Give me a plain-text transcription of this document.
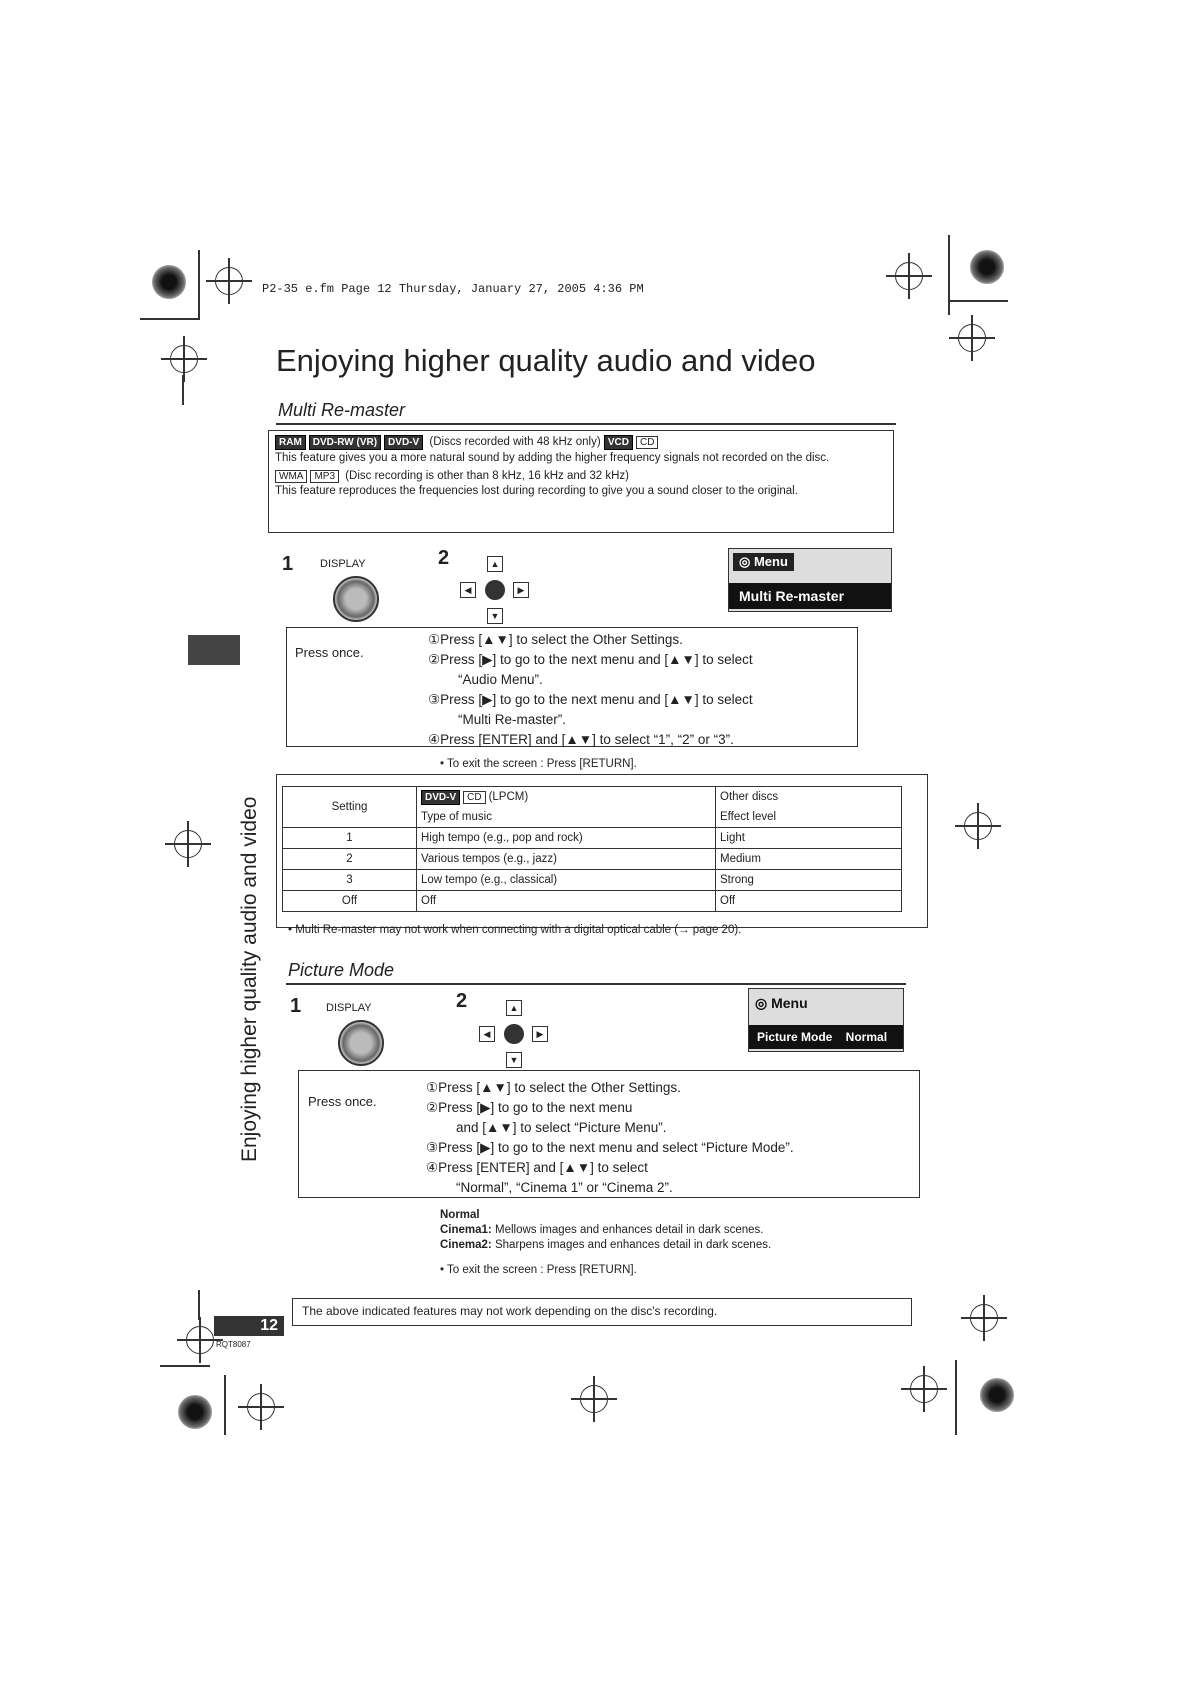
P2-35 e.fm Page 12 Thursday, January 27, 2005 4:36 PM
Enjoying higher quality audio and video
Enjoying higher quality audio and video
Multi Re-master
RAM DVD-RW (VR) DVD-V (Discs recorded with 48 kHz only) VCD CD
This feature gives you a more natural sound by adding the higher frequency signals not recorded on the disc.
WMA MP3 (Disc recording is other than 8 kHz, 16 kHz and 32 kHz)
This feature reproduces the frequencies lost during recording to give you a sound closer to the original.
1 DISPLAY	2	▲
◀	▶
▼
◎ Menu
Multi Re-master
Press once.
①Press [▲▼] to select the Other Settings.
②Press [▶] to go to the next menu and [▲▼] to select
“Audio Menu”.
③Press [▶] to go to the next menu and [▲▼] to select
“Multi Re-master”.
④Press [ENTER] and [▲▼] to select “1”, “2” or “3”.
• To exit the screen : Press [RETURN].
Setting	DVD-V CD (LPCM)	Other discs
	Type of music	Effect level
1	High tempo (e.g., pop and rock)	Light
2	Various tempos (e.g., jazz)	Medium
3	Low tempo (e.g., classical)	Strong
Off	Off	Off
• Multi Re-master may not work when connecting with a digital optical cable (→ page 20).
Picture Mode
1 DISPLAY	2	▲
◀	▶
▼
◎ Menu
Picture Mode    Normal
Press once.
①Press [▲▼] to select the Other Settings.
②Press [▶] to go to the next menu
and [▲▼] to select “Picture Menu”.
③Press [▶] to go to the next menu and select “Picture Mode”.
④Press [ENTER] and [▲▼] to select
“Normal”, “Cinema 1” or “Cinema 2”.
Normal
Cinema1: Mellows images and enhances detail in dark scenes.
Cinema2: Sharpens images and enhances detail in dark scenes.
• To exit the screen : Press [RETURN].
12
RQT8087
The above indicated features may not work depending on the disc's recording.
